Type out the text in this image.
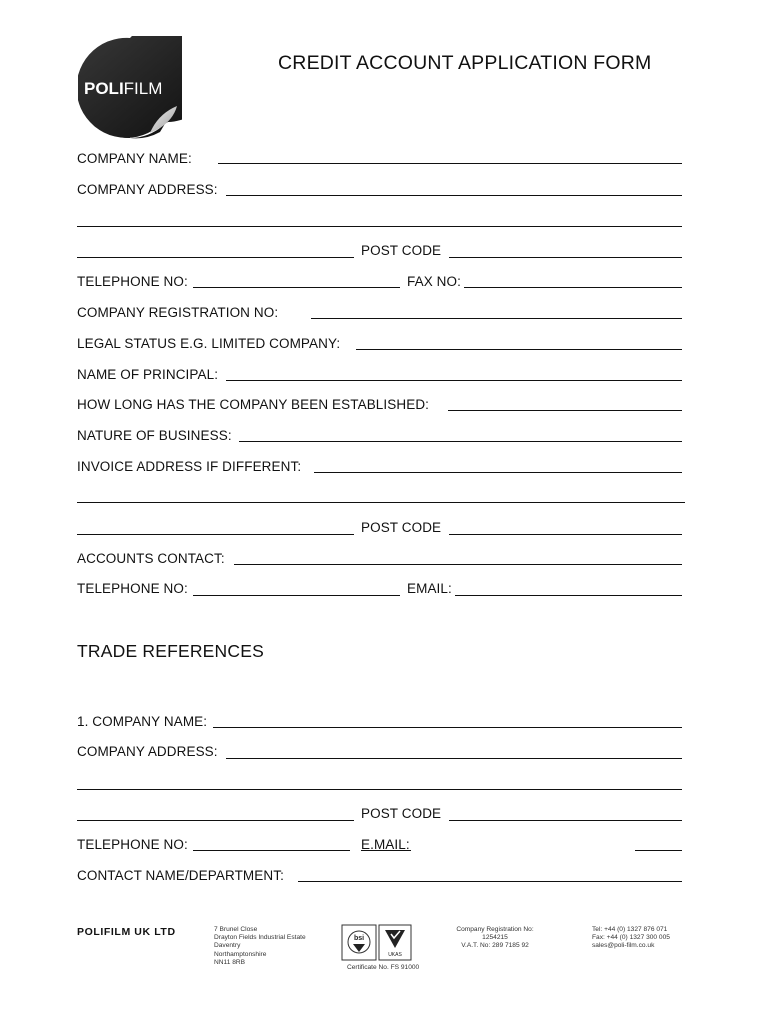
POLIFILM
CREDIT ACCOUNT APPLICATION FORM
COMPANY NAME:
COMPANY ADDRESS:
POST CODE
TELEPHONE NO:	FAX NO:
COMPANY REGISTRATION NO:
LEGAL STATUS E.G. LIMITED COMPANY:
NAME OF PRINCIPAL:
HOW LONG HAS THE COMPANY BEEN ESTABLISHED:
NATURE OF BUSINESS:
INVOICE ADDRESS IF DIFFERENT:
POST CODE
ACCOUNTS CONTACT:
TELEPHONE NO:	EMAIL:
TRADE REFERENCES
1. COMPANY NAME:
COMPANY ADDRESS:
POST CODE
TELEPHONE NO:	E.MAIL:
CONTACT NAME/DEPARTMENT:
POLIFILM UK LTD	7 Brunel Close
Drayton Fields Industrial Estate
Daventry
Northamptonshire
NN11 8RB
bsi
UKAS
Certificate No. FS 91000
Company Registration No:
1254215
V.A.T. No: 289 7185 92
Tel: +44 (0) 1327 876 071
Fax: +44 (0) 1327 300 005
sales@poli-film.co.uk
